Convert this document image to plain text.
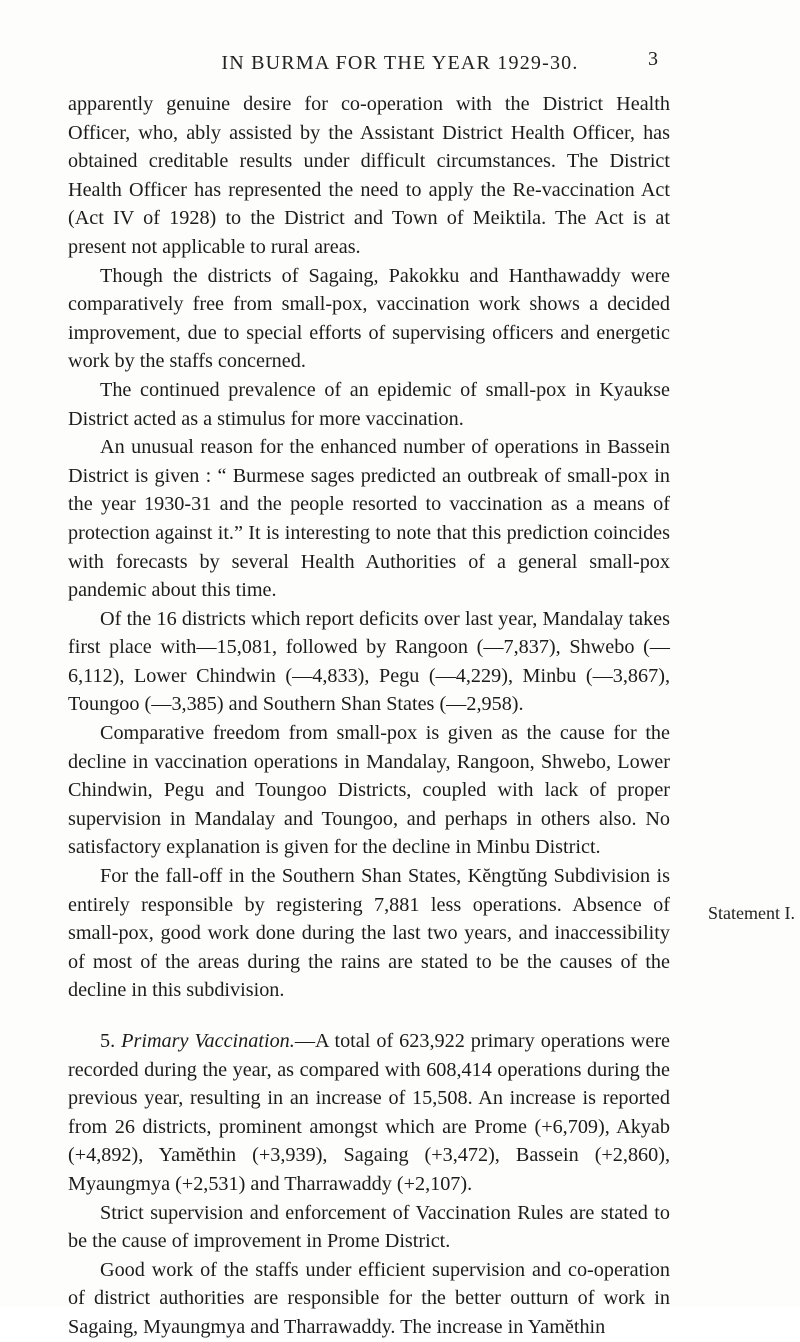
IN BURMA FOR THE YEAR 1929-30.	3

apparently genuine desire for co-operation with the District Health Officer, who, ably assisted by the Assistant District Health Officer, has obtained creditable results under difficult circumstances. The District Health Officer has represented the need to apply the Re-vaccination Act (Act IV of 1928) to the District and Town of Meiktila. The Act is at present not applicable to rural areas.

Though the districts of Sagaing, Pakokku and Hanthawaddy were comparatively free from small-pox, vaccination work shows a decided improvement, due to special efforts of supervising officers and energetic work by the staffs concerned.

The continued prevalence of an epidemic of small-pox in Kyaukse District acted as a stimulus for more vaccination.

An unusual reason for the enhanced number of operations in Bassein District is given : “ Burmese sages predicted an outbreak of small-pox in the year 1930-31 and the people resorted to vaccination as a means of protection against it.” It is interesting to note that this prediction coincides with forecasts by several Health Authorities of a general small-pox pandemic about this time.

Of the 16 districts which report deficits over last year, Mandalay takes first place with—15,081, followed by Rangoon (—7,837), Shwebo (—6,112), Lower Chindwin (—4,833), Pegu (—4,229), Minbu (—3,867), Toungoo (—3,385) and Southern Shan States (—2,958).

Comparative freedom from small-pox is given as the cause for the decline in vaccination operations in Mandalay, Rangoon, Shwebo, Lower Chindwin, Pegu and Toungoo Districts, coupled with lack of proper supervision in Mandalay and Toungoo, and perhaps in others also. No satisfactory explanation is given for the decline in Minbu District.

For the fall-off in the Southern Shan States, Kĕngtŭng Subdivision is entirely responsible by registering 7,881 less operations. Absence of small-pox, good work done during the last two years, and inaccessibility of most of the areas during the rains are stated to be the causes of the decline in this subdivision.

5. Primary Vaccination.—A total of 623,922 primary operations were recorded during the year, as compared with 608,414 operations during the previous year, resulting in an increase of 15,508. An increase is reported from 26 districts, prominent amongst which are Prome (+6,709), Akyab (+4,892), Yamĕthin (+3,939), Sagaing (+3,472), Bassein (+2,860), Myaungmya (+2,531) and Tharrawaddy (+2,107).

Strict supervision and enforcement of Vaccination Rules are stated to be the cause of improvement in Prome District.

Good work of the staffs under efficient supervision and co-operation of district authorities are responsible for the better outturn of work in Sagaing, Myaungmya and Tharrawaddy. The increase in Yamĕthin

Statement I.
